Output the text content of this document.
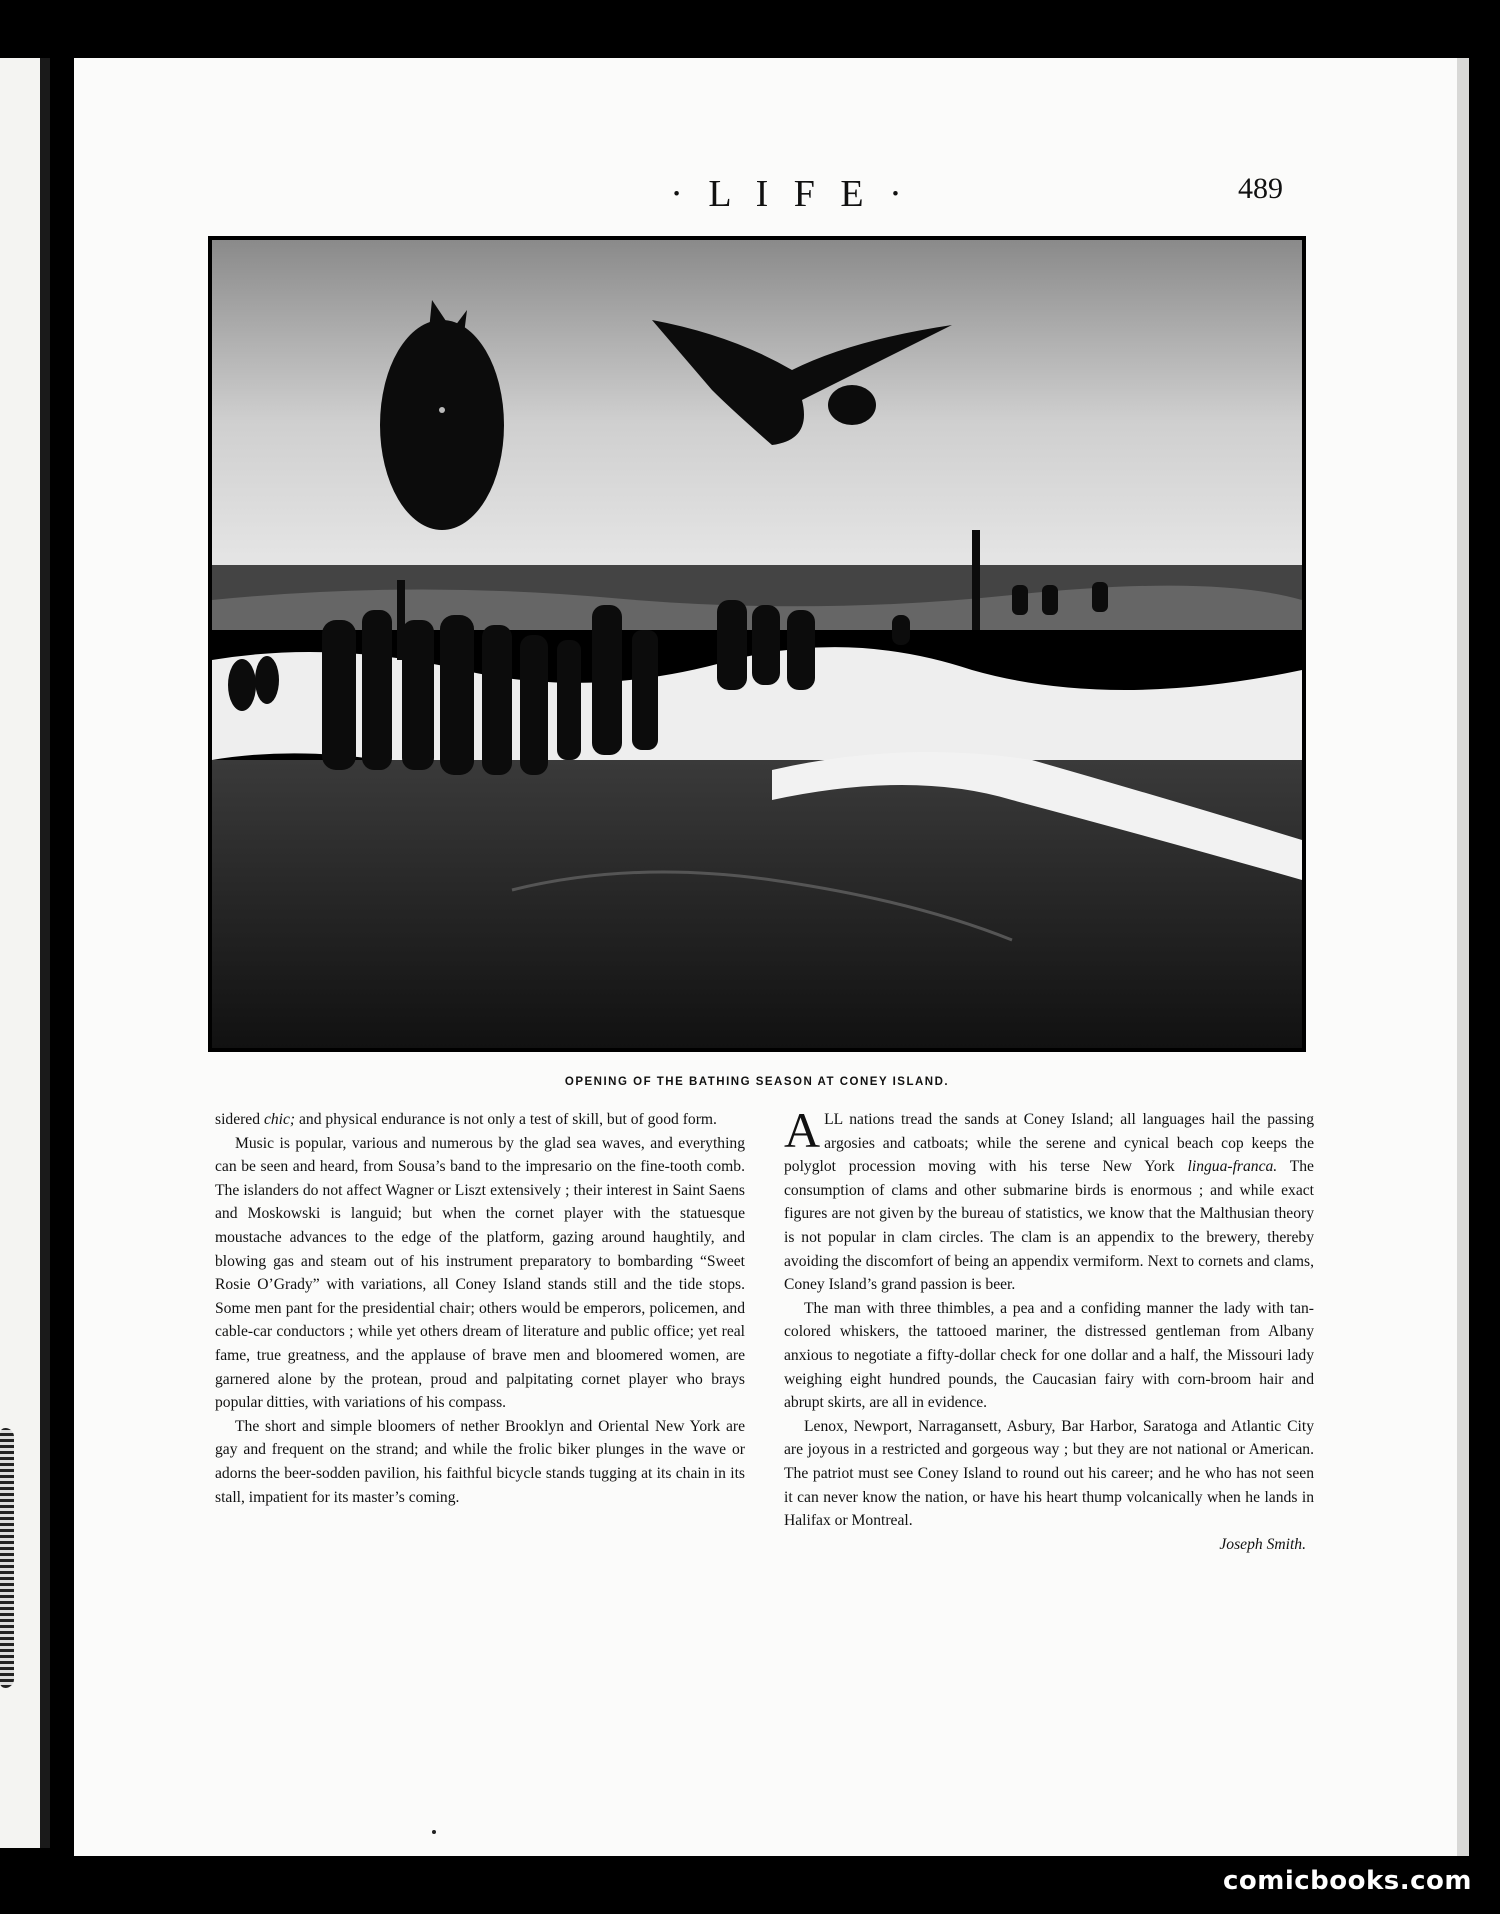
· L I F E ·	489
OPENING OF THE BATHING SEASON AT CONEY ISLAND.

sidered chic; and physical endurance is not only a test of skill, but of good form.

Music is popular, various and numerous by the glad sea waves, and everything can be seen and heard, from Sousa’s band to the impresario on the fine-tooth comb. The islanders do not affect Wagner or Liszt extensively ; their interest in Saint Saens and Moskowski is languid; but when the cornet player with the statuesque moustache advances to the edge of the platform, gazing around haughtily, and blowing gas and steam out of his instrument preparatory to bombarding “Sweet Rosie O’Grady” with variations, all Coney Island stands still and the tide stops. Some men pant for the presidential chair; others would be emperors, policemen, and cable-car conductors ; while yet others dream of literature and public office; yet real fame, true greatness, and the applause of brave men and bloomered women, are garnered alone by the protean, proud and palpitating cornet player who brays popular ditties, with variations of his compass.

The short and simple bloomers of nether Brooklyn and Oriental New York are gay and frequent on the strand; and while the frolic biker plunges in the wave or adorns the beer-sodden pavilion, his faithful bicycle stands tugging at its chain in its stall, impatient for its master’s coming.

ALL nations tread the sands at Coney Island; all languages hail the passing argosies and catboats; while the serene and cynical beach cop keeps the polyglot procession moving with his terse New York lingua-franca. The consumption of clams and other submarine birds is enormous ; and while exact figures are not given by the bureau of statistics, we know that the Malthusian theory is not popular in clam circles. The clam is an appendix to the brewery, thereby avoiding the discomfort of being an appendix vermiform. Next to cornets and clams, Coney Island’s grand passion is beer.

The man with three thimbles, a pea and a confiding manner the lady with tan-colored whiskers, the tattooed mariner, the distressed gentleman from Albany anxious to negotiate a fifty-dollar check for one dollar and a half, the Missouri lady weighing eight hundred pounds, the Caucasian fairy with corn-broom hair and abrupt skirts, are all in evidence.

Lenox, Newport, Narragansett, Asbury, Bar Harbor, Saratoga and Atlantic City are joyous in a restricted and gorgeous way ; but they are not national or American. The patriot must see Coney Island to round out his career; and he who has not seen it can never know the nation, or have his heart thump volcanically when he lands in Halifax or Montreal.

Joseph Smith.
comicbooks.com
